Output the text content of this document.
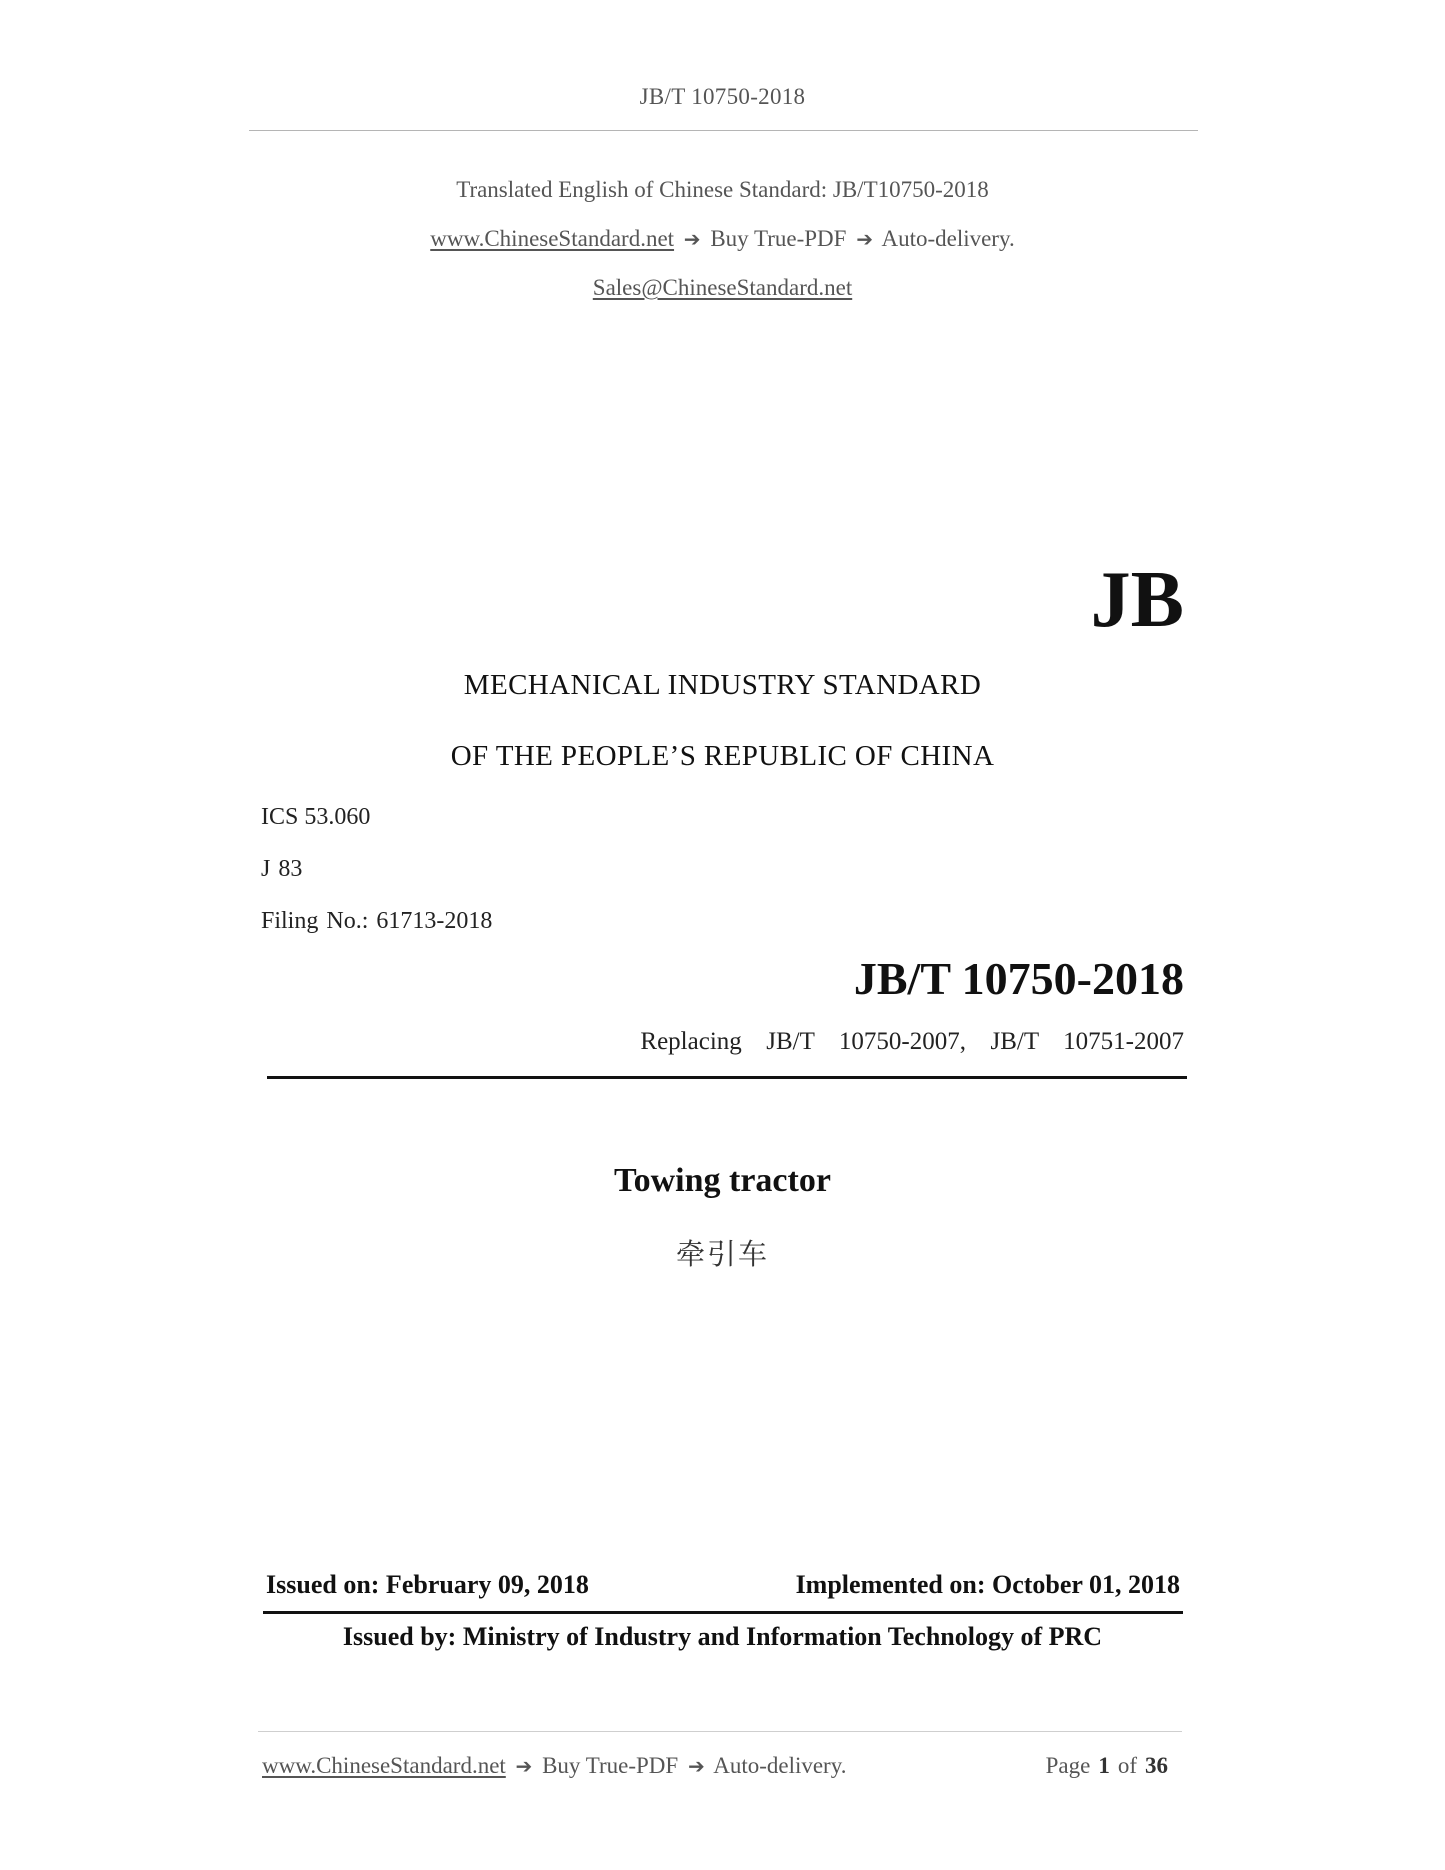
JB/T 10750-2018
Translated English of Chinese Standard: JB/T10750-2018
www.ChineseStandard.net ➔ Buy True-PDF ➔ Auto-delivery.
Sales@ChineseStandard.net
JB
MECHANICAL INDUSTRY STANDARD
OF THE PEOPLE’S REPUBLIC OF CHINA
ICS 53.060
J 83
Filing No.: 61713-2018
JB/T 10750-2018
Replacing  JB/T  10750-2007,  JB/T  10751-2007
Towing tractor
牵引车
Issued on: February 09, 2018	Implemented on: October 01, 2018
Issued by: Ministry of Industry and Information Technology of PRC
www.ChineseStandard.net ➔ Buy True-PDF ➔ Auto-delivery.	Page 1 of 36
